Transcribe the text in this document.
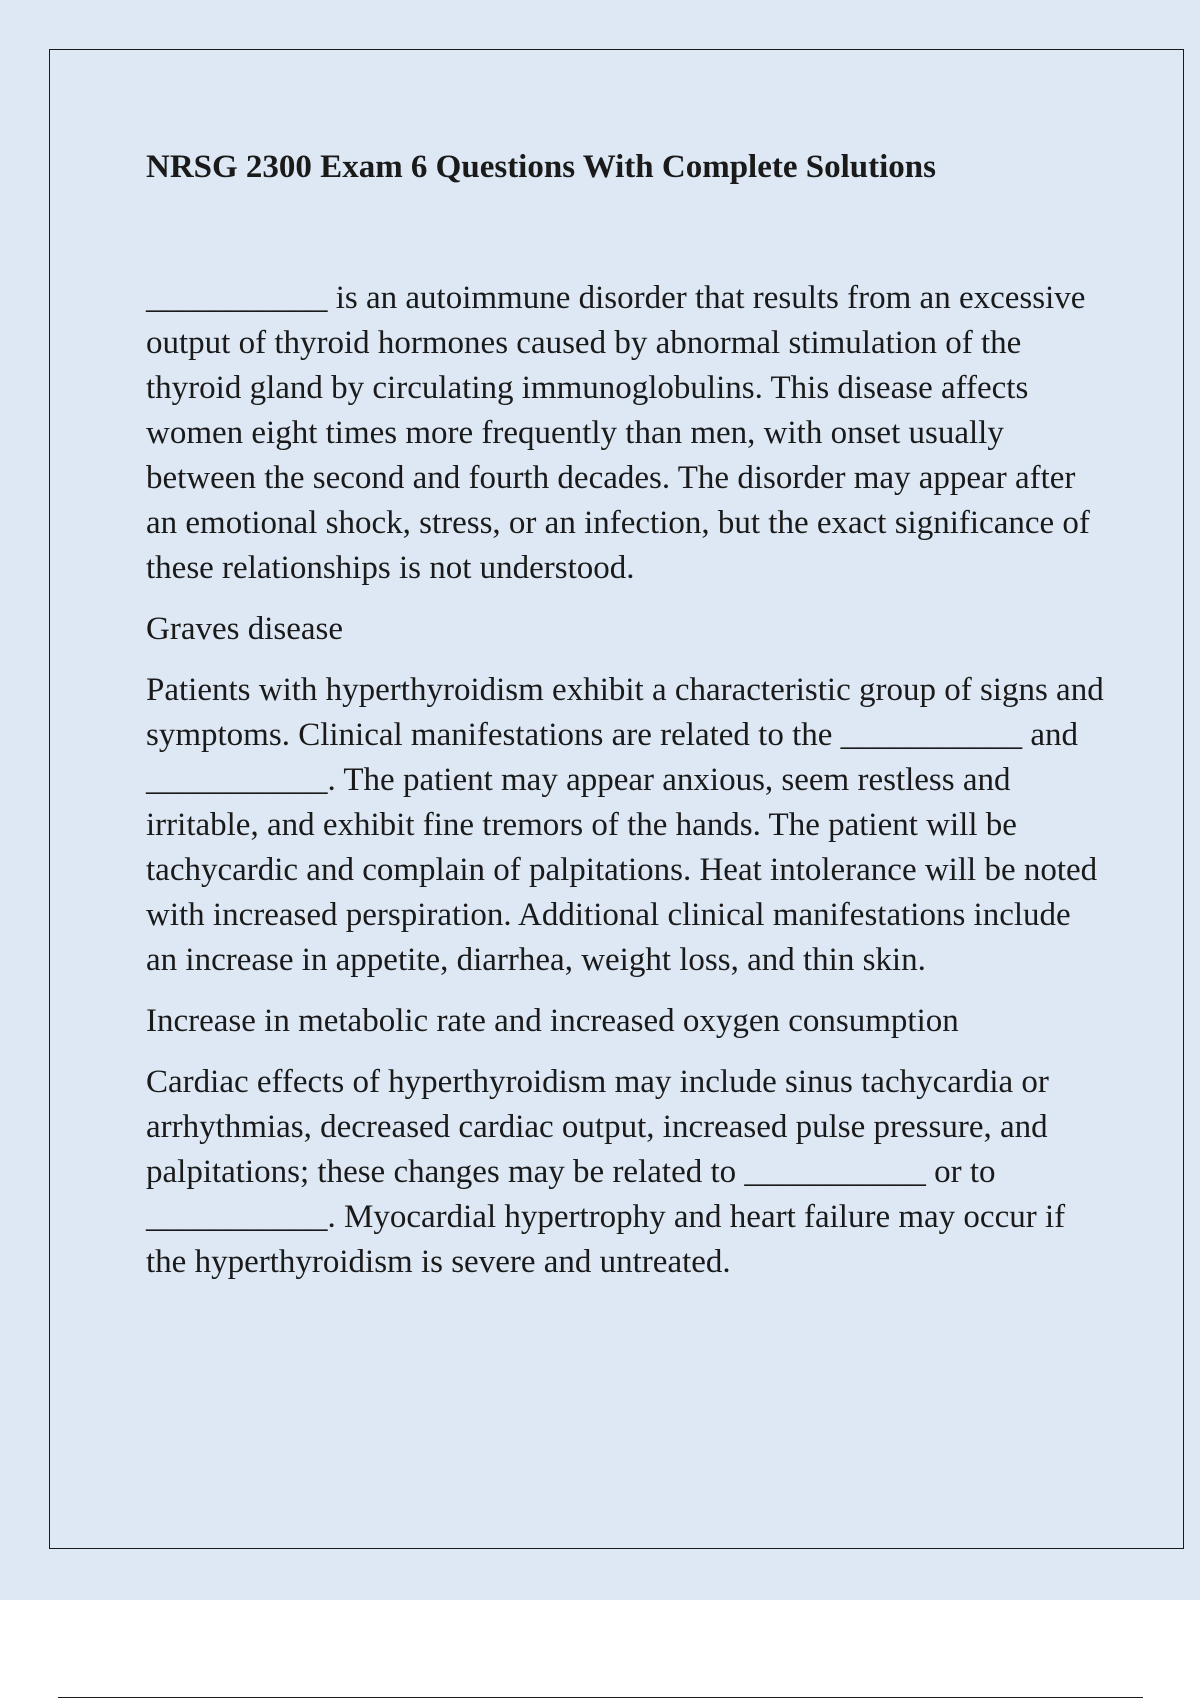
NRSG 2300 Exam 6 Questions With Complete Solutions

___________ is an autoimmune disorder that results from an excessive output of thyroid hormones caused by abnormal stimulation of the thyroid gland by circulating immunoglobulins. This disease affects women eight times more frequently than men, with onset usually between the second and fourth decades. The disorder may appear after an emotional shock, stress, or an infection, but the exact significance of these relationships is not understood.

Graves disease

Patients with hyperthyroidism exhibit a characteristic group of signs and symptoms. Clinical manifestations are related to the ___________ and ___________. The patient may appear anxious, seem restless and irritable, and exhibit fine tremors of the hands. The patient will be tachycardic and complain of palpitations. Heat intolerance will be noted with increased perspiration. Additional clinical manifestations include an increase in appetite, diarrhea, weight loss, and thin skin.

Increase in metabolic rate and increased oxygen consumption

Cardiac effects of hyperthyroidism may include sinus tachycardia or arrhythmias, decreased cardiac output, increased pulse pressure, and palpitations; these changes may be related to ___________ or to ___________. Myocardial hypertrophy and heart failure may occur if the hyperthyroidism is severe and untreated.
